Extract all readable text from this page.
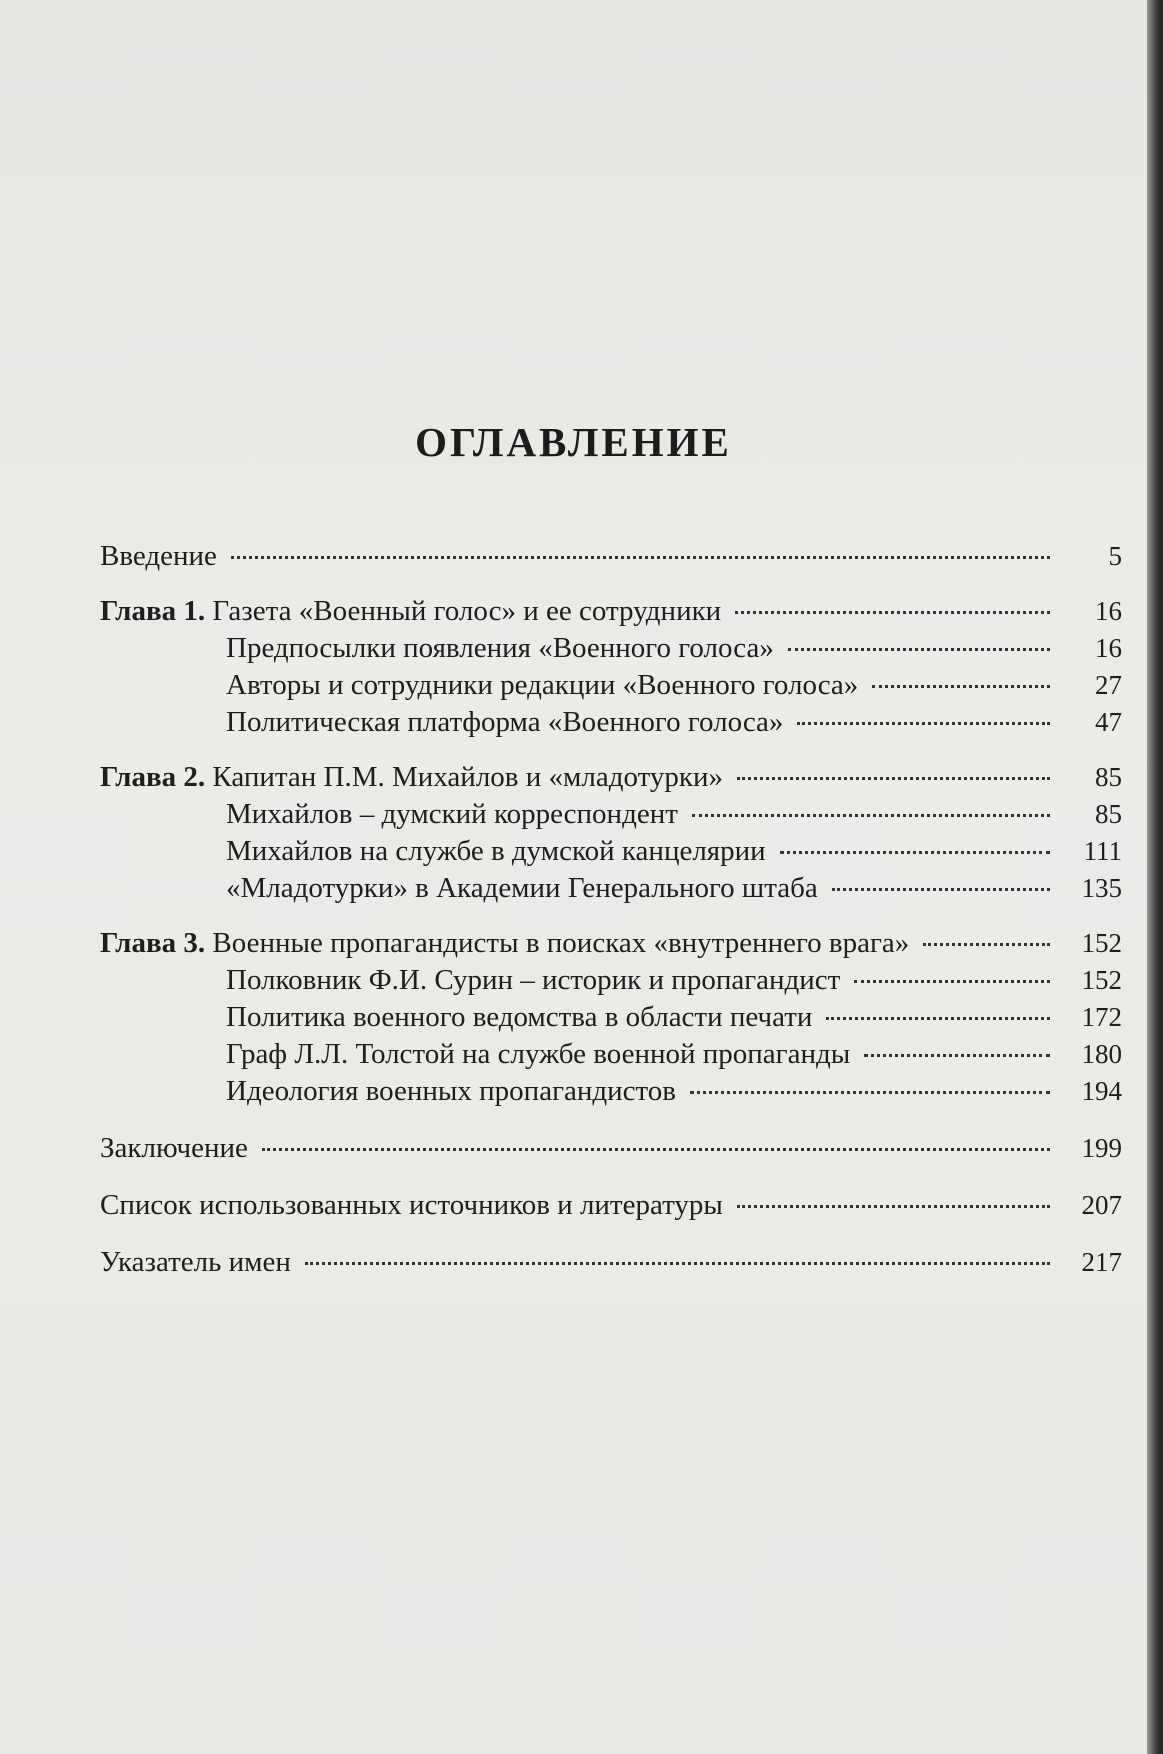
ОГЛАВЛЕНИЕ
Введение	5
Глава 1. Газета «Военный голос» и ее сотрудники	16
Предпосылки появления «Военного голоса»	16
Авторы и сотрудники редакции «Военного голоса»	27
Политическая платформа «Военного голоса»	47
Глава 2. Капитан П.М. Михайлов и «младотурки»	85
Михайлов – думский корреспондент	85
Михайлов на службе в думской канцелярии	111
«Младотурки» в Академии Генерального штаба	135
Глава 3. Военные пропагандисты в поисках «внутреннего врага»	152
Полковник Ф.И. Сурин – историк и пропагандист	152
Политика военного ведомства в области печати	172
Граф Л.Л. Толстой на службе военной пропаганды	180
Идеология военных пропагандистов	194
Заключение	199
Список использованных источников и литературы	207
Указатель имен	217
